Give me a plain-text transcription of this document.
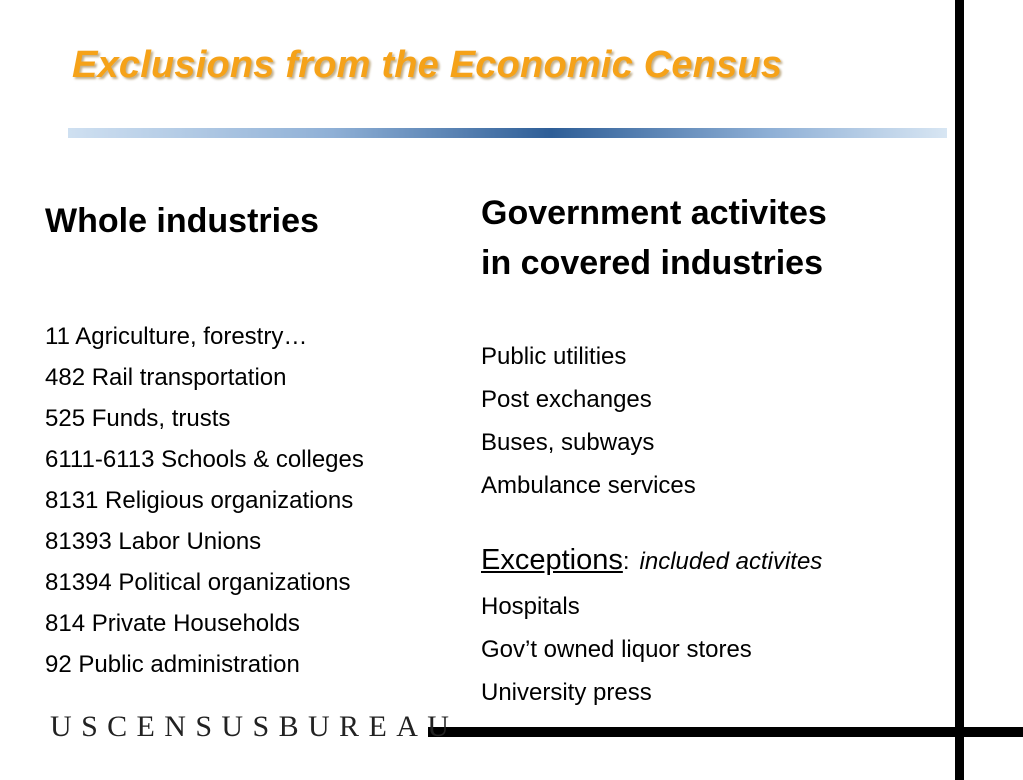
Exclusions from the Economic Census
Whole industries
11 Agriculture, forestry…
482 Rail transportation
525 Funds, trusts
6111-6113 Schools & colleges
8131 Religious organizations
81393 Labor Unions
81394 Political organizations
814 Private Households
92 Public administration
Government activites
in covered industries
Public utilities
Post exchanges
Buses, subways
Ambulance services
Exceptions: included activites
Hospitals
Gov’t owned liquor stores
University press
USCENSUSBUREAU
